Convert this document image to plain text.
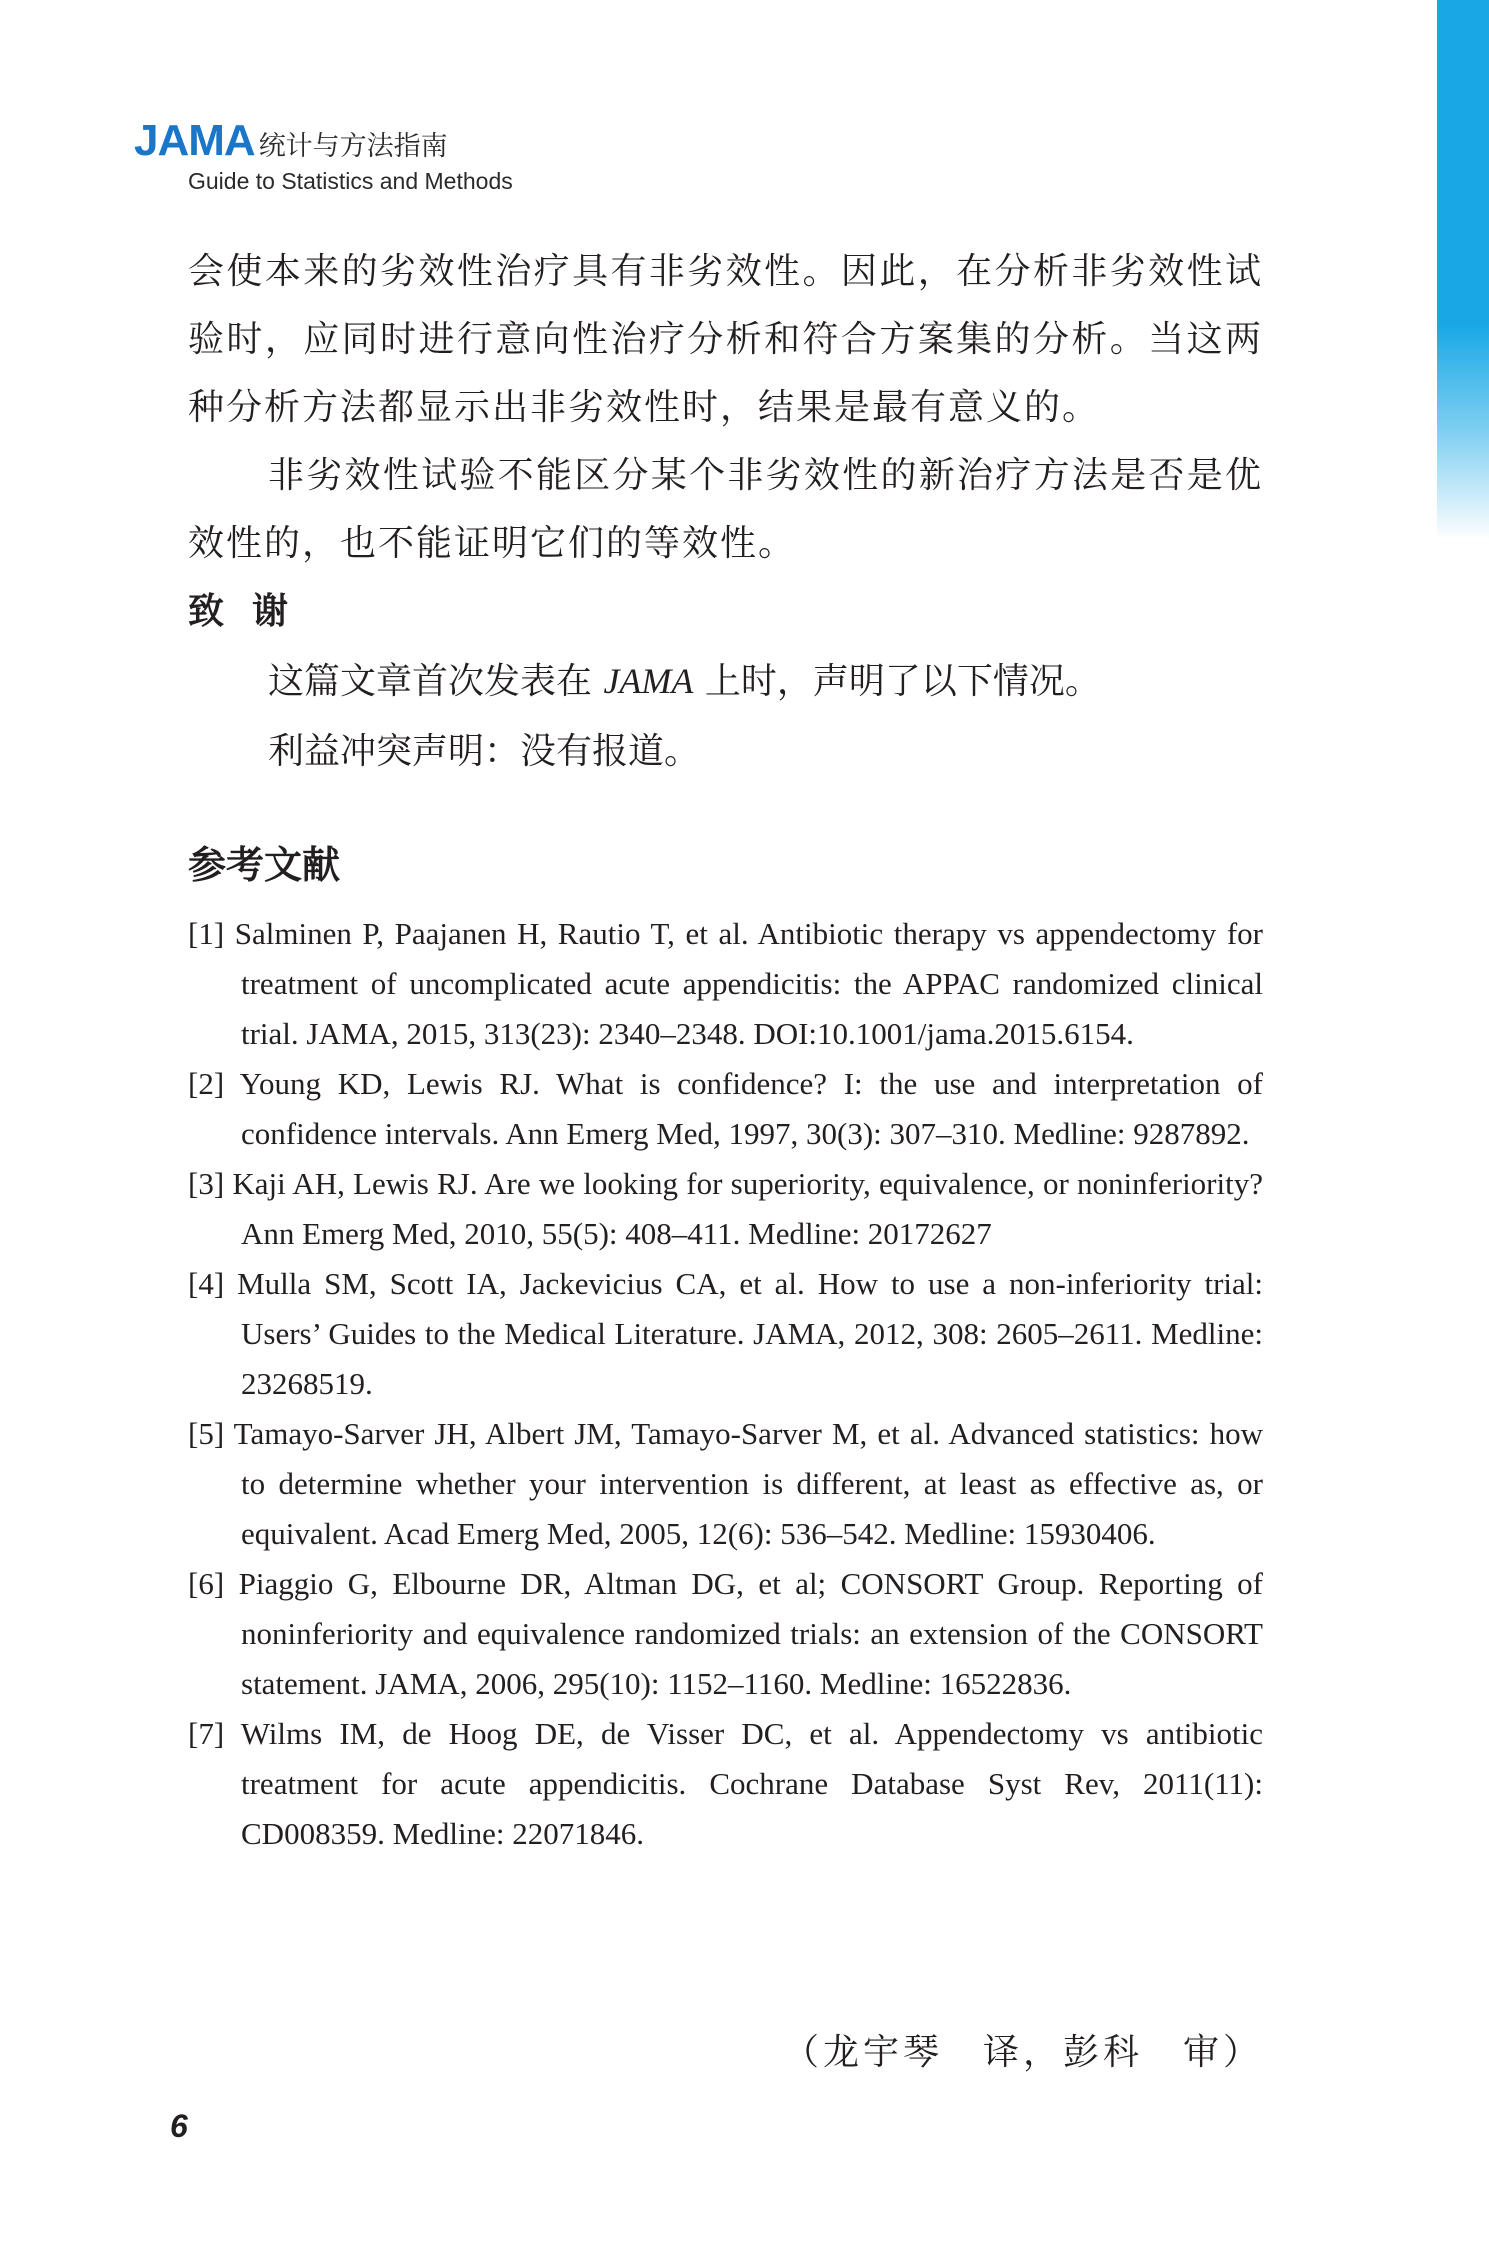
JAMA 统计与方法指南
Guide to Statistics and Methods

会使本来的劣效性治疗具有非劣效性。因此，在分析非劣效性试验时，应同时进行意向性治疗分析和符合方案集的分析。当这两种分析方法都显示出非劣效性时，结果是最有意义的。

非劣效性试验不能区分某个非劣效性的新治疗方法是否是优效性的，也不能证明它们的等效性。

致谢

这篇文章首次发表在 JAMA 上时，声明了以下情况。

利益冲突声明：没有报道。

参考文献
[1] Salminen P, Paajanen H, Rautio T, et al. Antibiotic therapy vs appendectomy for treatment of uncomplicated acute appendicitis: the APPAC randomized clinical trial. JAMA, 2015, 313(23): 2340–2348. DOI:10.1001/jama.2015.6154.
[2] Young KD, Lewis RJ. What is confidence? I: the use and interpretation of confidence intervals. Ann Emerg Med, 1997, 30(3): 307–310. Medline: 9287892.
[3] Kaji AH, Lewis RJ. Are we looking for superiority, equivalence, or noninferiority? Ann Emerg Med, 2010, 55(5): 408–411. Medline: 20172627
[4] Mulla SM, Scott IA, Jackevicius CA, et al. How to use a non-inferiority trial: Users’ Guides to the Medical Literature. JAMA, 2012, 308: 2605–2611. Medline: 23268519.
[5] Tamayo-Sarver JH, Albert JM, Tamayo-Sarver M, et al. Advanced statistics: how to determine whether your intervention is different, at least as effective as, or equivalent. Acad Emerg Med, 2005, 12(6): 536–542. Medline: 15930406.
[6] Piaggio G, Elbourne DR, Altman DG, et al; CONSORT Group. Reporting of noninferiority and equivalence randomized trials: an extension of the CONSORT statement. JAMA, 2006, 295(10): 1152–1160. Medline: 16522836.
[7] Wilms IM, de Hoog DE, de Visser DC, et al. Appendectomy vs antibiotic treatment for acute appendicitis. Cochrane Database Syst Rev, 2011(11): CD008359. Medline: 22071846.
（龙宇琴　译，彭科　审）
6
